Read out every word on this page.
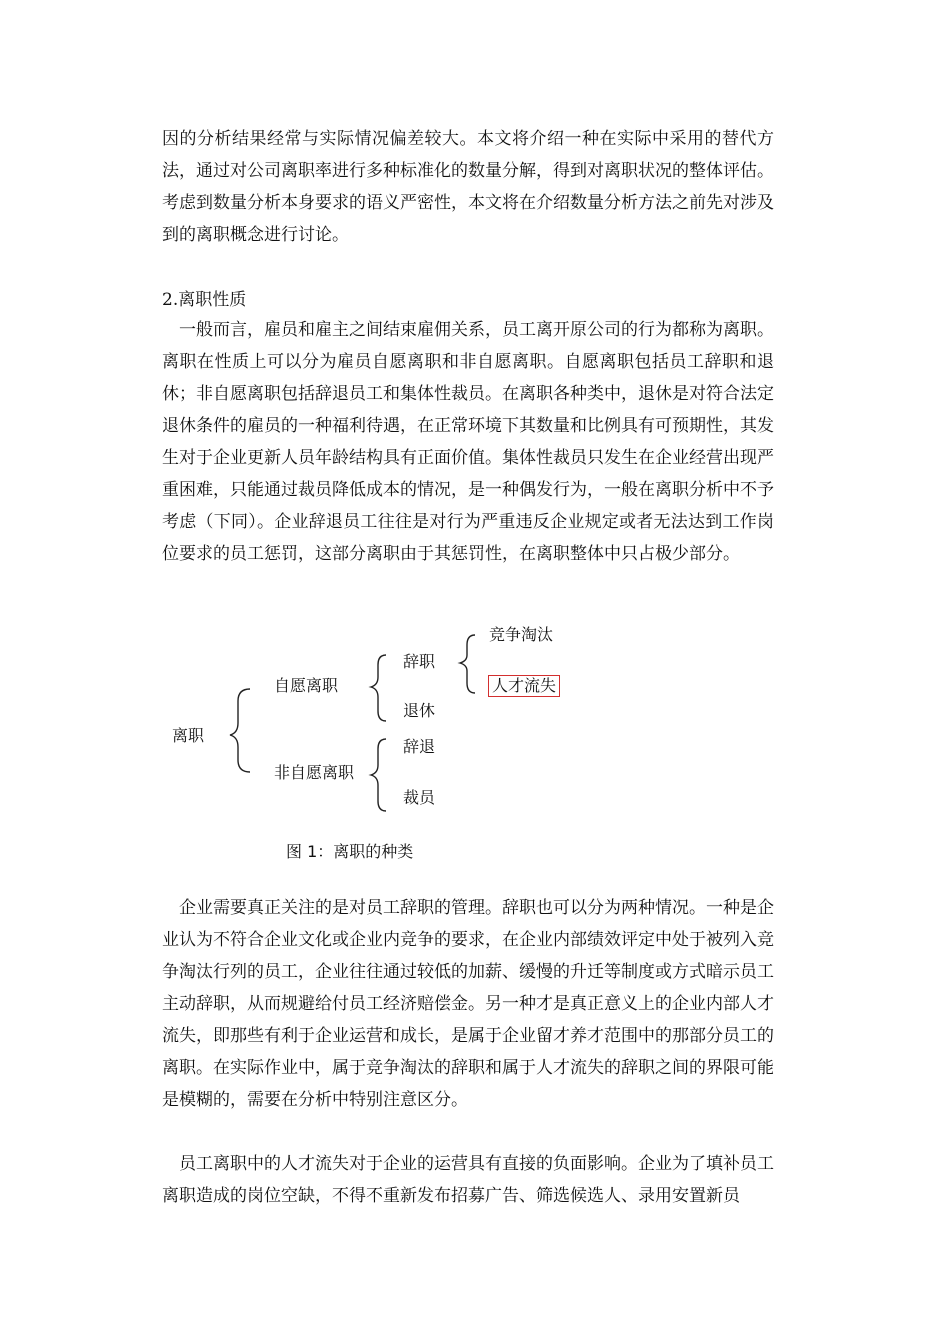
因的分析结果经常与实际情况偏差较大。本文将介绍一种在实际中采用的替代方法，通过对公司离职率进行多种标准化的数量分解，得到对离职状况的整体评估。考虑到数量分析本身要求的语义严密性，本文将在介绍数量分析方法之前先对涉及到的离职概念进行讨论。

2.离职性质

一般而言，雇员和雇主之间结束雇佣关系，员工离开原公司的行为都称为离职。离职在性质上可以分为雇员自愿离职和非自愿离职。自愿离职包括员工辞职和退休；非自愿离职包括辞退员工和集体性裁员。在离职各种类中，退休是对符合法定退休条件的雇员的一种福利待遇，在正常环境下其数量和比例具有可预期性，其发生对于企业更新人员年龄结构具有正面价值。集体性裁员只发生在企业经营出现严重困难，只能通过裁员降低成本的情况，是一种偶发行为，一般在离职分析中不予考虑（下同）。企业辞退员工往往是对行为严重违反企业规定或者无法达到工作岗位要求的员工惩罚，这部分离职由于其惩罚性，在离职整体中只占极少部分。

离职
自愿离职
非自愿离职
辞职
退休
辞退
裁员
竞争淘汰
人才流失
图 1：离职的种类

企业需要真正关注的是对员工辞职的管理。辞职也可以分为两种情况。一种是企业认为不符合企业文化或企业内竞争的要求，在企业内部绩效评定中处于被列入竞争淘汰行列的员工，企业往往通过较低的加薪、缓慢的升迁等制度或方式暗示员工主动辞职，从而规避给付员工经济赔偿金。另一种才是真正意义上的企业内部人才流失，即那些有利于企业运营和成长，是属于企业留才养才范围中的那部分员工的离职。在实际作业中，属于竞争淘汰的辞职和属于人才流失的辞职之间的界限可能是模糊的，需要在分析中特别注意区分。

员工离职中的人才流失对于企业的运营具有直接的负面影响。企业为了填补员工离职造成的岗位空缺，不得不重新发布招募广告、筛选候选人、录用安置新员
